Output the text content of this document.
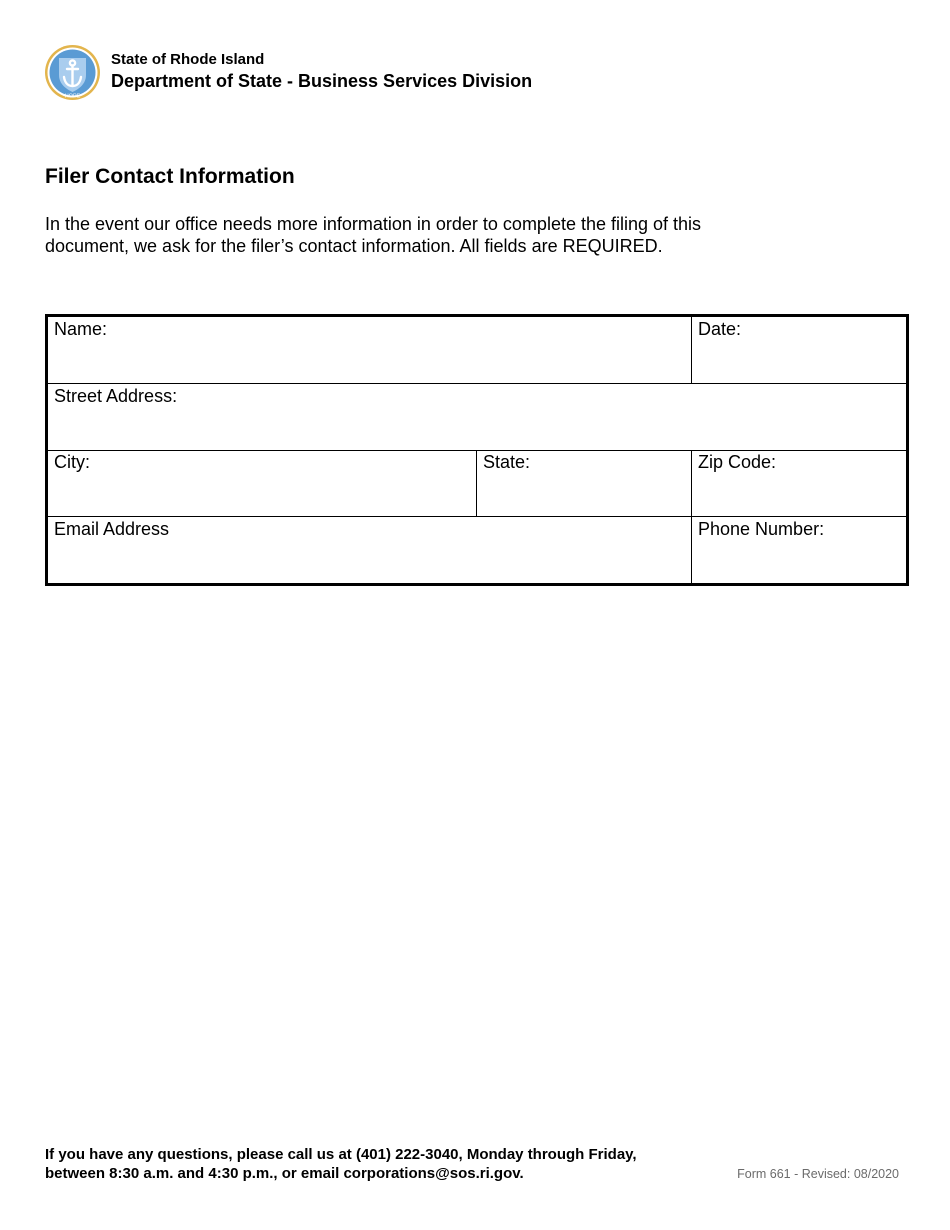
HOPE
State of Rhode Island
Department of State - Business Services Division
Filer Contact Information
In the event our office needs more information in order to complete the filing of this
document, we ask for the filer’s contact information. All fields are REQUIRED.
Name:	Date:
Street Address:
City:	State:	Zip Code:
Email Address	Phone Number:
If you have any questions, please call us at (401) 222-3040, Monday through Friday,
between 8:30 a.m. and 4:30 p.m., or email corporations@sos.ri.gov.	Form 661 - Revised: 08/2020
